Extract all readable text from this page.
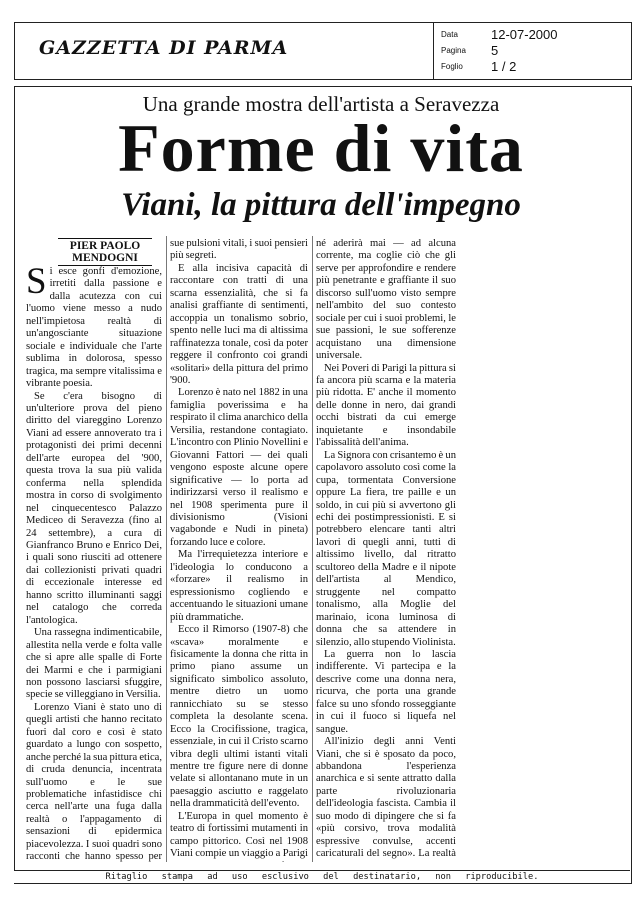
GAZZETTA DI PARMA
Data	12-07-2000
Pagina 5
Foglio 1 / 2
Una grande mostra dell'artista a Seravezza
Forme di vita
Viani, la pittura dell'impegno
PIER PAOLO MENDOGNI

Si esce gonfi d'emozione, irretiti dalla passione e dalla acutezza con cui l'uomo viene messo a nudo nell'impietosa realtà di un'angosciante situazione sociale e individuale che l'arte sublima in dolorosa, spesso tragica, ma sempre vitalissima e vibrante poesia.

Se c'era bisogno di un'ulteriore prova del pieno diritto del viareggino Lorenzo Viani ad essere annoverato tra i protagonisti dei primi decenni dell'arte europea del '900, questa trova la sua più valida conferma nella splendida mostra in corso di svolgimento nel cinquecentesco Palazzo Mediceo di Seravezza (fino al 24 settembre), a cura di Gianfranco Bruno e Enrico Dei, i quali sono riusciti ad ottenere dai collezionisti privati quadri di eccezionale interesse ed hanno scritto illuminanti saggi nel catalogo che correda l'antologica.

Una rassegna indimenticabile, allestita nella verde e folta valle che si apre alle spalle di Forte dei Marmi e che i parmigiani non possono lasciarsi sfuggire, specie se villeggiano in Versilia.

Lorenzo Viani è stato uno di quegli artisti che hanno recitato fuori dal coro e così è stato guardato a lungo con sospetto, anche perché la sua pittura etica, di cruda denuncia, incentrata sull'uomo e le sue problematiche infastidisce chi cerca nell'arte una fuga dalla realtà o l'appagamento di sensazioni di epidermica piacevolezza. I suoi quadri sono racconti che hanno spesso per

sue pulsioni vitali, i suoi pensieri più segreti.

E alla incisiva capacità di raccontare con tratti di una scarna essenzialità, che si fa analisi graffiante di sentimenti, accoppia un tonalismo sobrio, spento nelle luci ma di altissima raffinatezza tonale, così da poter reggere il confronto coi grandi «solitari» della pittura del primo '900.

Lorenzo è nato nel 1882 in una famiglia poverissima e ha respirato il clima anarchico della Versilia, restandone contagiato. L'incontro con Plinio Novellini e Giovanni Fattori — dei quali vengono esposte alcune opere significative — lo porta ad indirizzarsi verso il realismo e nel 1908 sperimenta pure il divisionismo (Visioni vagabonde e Nudi in pineta) forzando luce e colore.

Ma l'irrequietezza interiore e l'ideologia lo conducono a «forzare» il realismo in espressionismo cogliendo e accentuando le situazioni umane più drammatiche.

Ecco il Rimorso (1907-8) che «scava» moralmente e fisicamente la donna che ritta in primo piano assume un significato simbolico assoluto, mentre dietro un uomo rannicchiato su se stesso completa la desolante scena. Ecco la Crocifissione, tragica, essenziale, in cui il Cristo scarno vibra degli ultimi istanti vitali mentre tre figure nere di donne velate si allontanano mute in un paesaggio asciutto e raggelato nella drammaticità dell'evento.

L'Europa in quel momento è teatro di fortissimi mutamenti in campo pittorico. Così nel 1908 Viani compie un viaggio a Parigi

né aderirà mai — ad alcuna corrente, ma coglie ciò che gli serve per approfondire e rendere più penetrante e graffiante il suo discorso sull'uomo visto sempre nell'ambito del suo contesto sociale per cui i suoi problemi, le sue passioni, le sue sofferenze acquistano una dimensione universale.

Nei Poveri di Parigi la pittura si fa ancora più scarna e la materia più ridotta. E' anche il momento delle donne in nero, dai grandi occhi bistrati da cui emerge inquietante e insondabile l'abissalità dell'anima.

La Signora con crisantemo è un capolavoro assoluto così come la cupa, tormentata Conversione oppure La fiera, tre paille e un soldo, in cui più si avvertono gli echi dei postimpressionisti. E si potrebbero elencare tanti altri lavori di quegli anni, tutti di altissimo livello, dal ritratto scultoreo della Madre e il nipote dell'artista al Mendico, struggente nel compatto tonalismo, alla Moglie del marinaio, icona luminosa di donna che sa attendere in silenzio, allo stupendo Violinista.

La guerra non lo lascia indifferente. Vi partecipa e la descrive come una donna nera, ricurva, che porta una grande falce su uno sfondo rosseggiante in cui il fuoco si liquefa nel sangue.

All'inizio degli anni Venti Viani, che si è sposato da poco, abbandona l'esperienza anarchica e si sente attratto dalla parte rivoluzionaria dell'ideologia fascista. Cambia il suo modo di dipingere che si fa «più corsivo, trova modalità espressive convulse, accenti caricaturali del segno». La realtà

Ritaglio stampa ad uso esclusivo del destinatario, non riproducibile.
